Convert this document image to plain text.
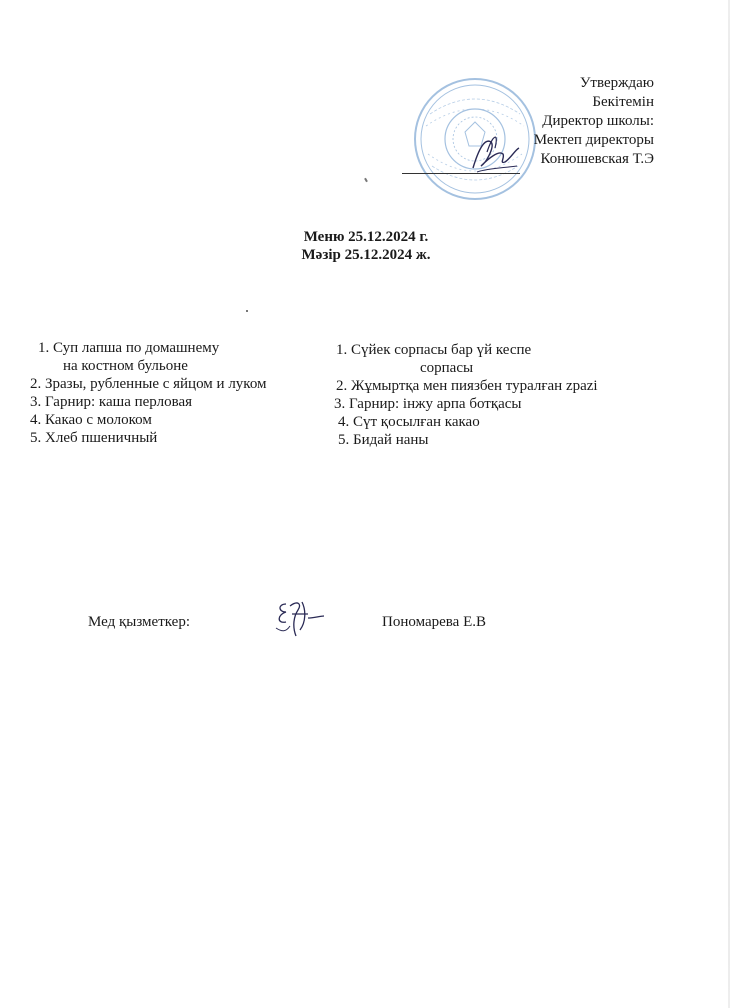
Утверждаю
Бекітемін
Директор школы:
Мектеп директоры
Конюшевская Т.Э
Меню 25.12.2024 г.
Мәзір 25.12.2024 ж.
1. Суп лапша по домашнему
на костном бульоне
2. Зразы, рубленные с яйцом и луком
3. Гарнир: каша перловая
4. Какао с молоком
5. Хлеб пшеничный
1. Сүйек сорпасы бар үй кеспе
сорпасы
2. Жұмыртқа мен пиязбен туралған zpazi
3. Гарнир: інжу арпа ботқасы
4. Сүт қосылған какао
5. Бидай наны
Мед қызметкер:	Пономарева Е.В
